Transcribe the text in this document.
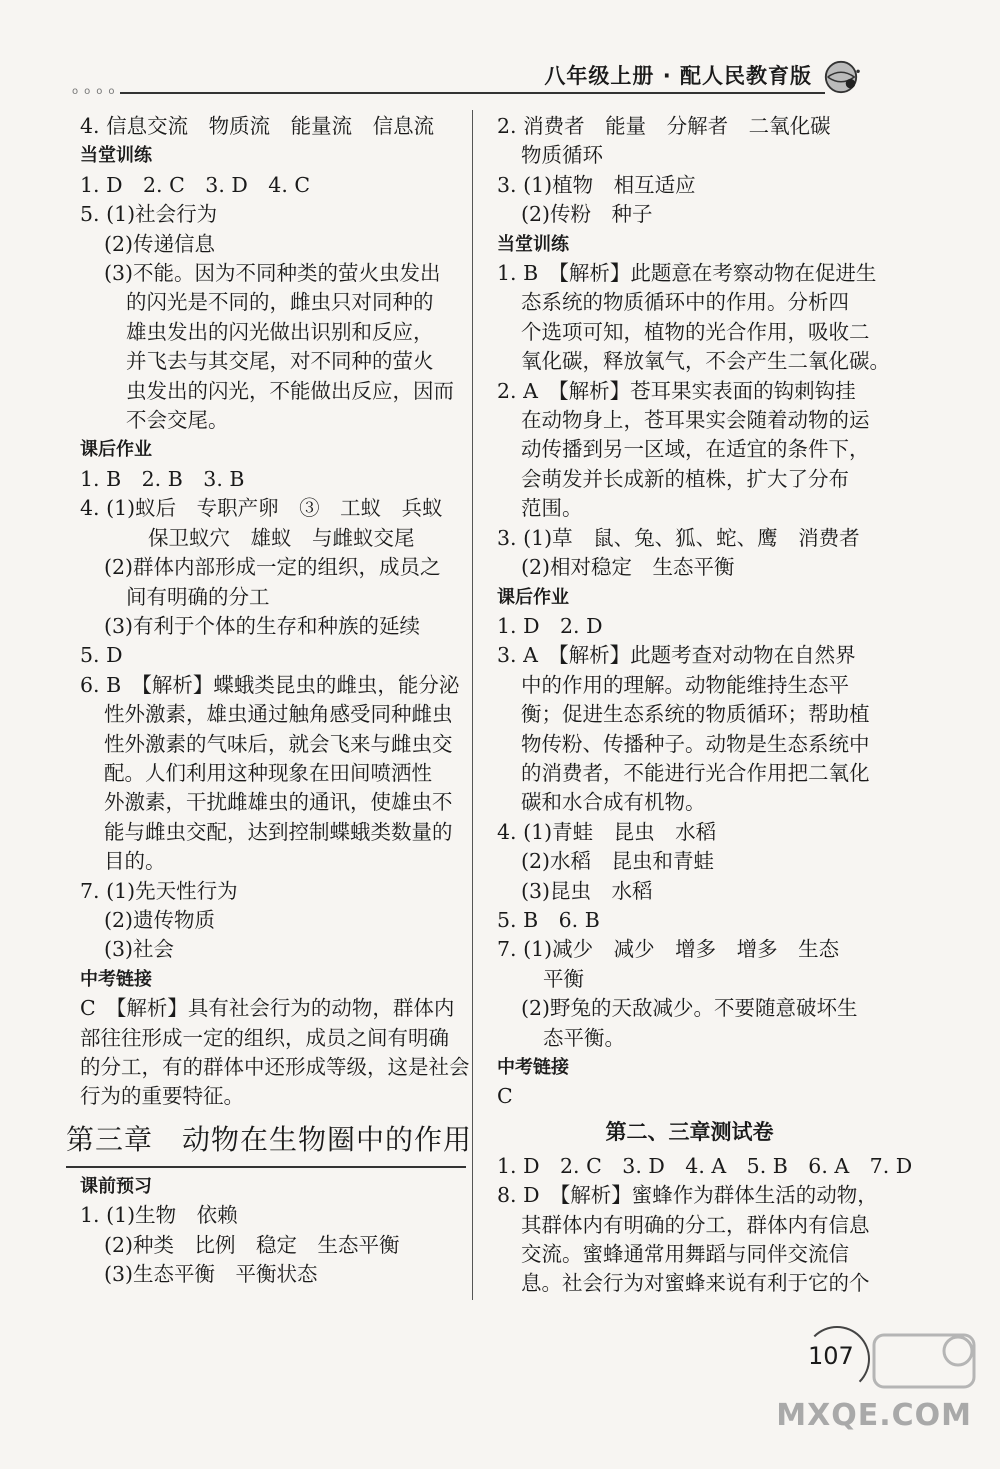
oooo
八年级上册 · 配人民教育版
4. 信息交流　物质流　能量流　信息流
当堂训练
1. D　2. C　3. D　4. C
5. (1)社会行为
(2)传递信息
(3)不能。因为不同种类的萤火虫发出
的闪光是不同的，雌虫只对同种的
雄虫发出的闪光做出识别和反应，
并飞去与其交尾，对不同种的萤火
虫发出的闪光，不能做出反应，因而
不会交尾。
课后作业
1. B　2. B　3. B
4. (1)蚁后　专职产卵　③　工蚁　兵蚁
保卫蚁穴　雄蚁　与雌蚁交尾
(2)群体内部形成一定的组织，成员之
间有明确的分工
(3)有利于个体的生存和种族的延续
5. D
6. B　【解析】蝶蛾类昆虫的雌虫，能分泌
性外激素，雄虫通过触角感受同种雌虫
性外激素的气味后，就会飞来与雌虫交
配。人们利用这种现象在田间喷洒性
外激素，干扰雌雄虫的通讯，使雄虫不
能与雌虫交配，达到控制蝶蛾类数量的
目的。
7. (1)先天性行为
(2)遗传物质
(3)社会
中考链接
C　【解析】具有社会行为的动物，群体内
部往往形成一定的组织，成员之间有明确
的分工，有的群体中还形成等级，这是社会
行为的重要特征。
第三章　动物在生物圈中的作用
课前预习
1. (1)生物　依赖
(2)种类　比例　稳定　生态平衡
(3)生态平衡　平衡状态
2. 消费者　能量　分解者　二氧化碳
物质循环
3. (1)植物　相互适应
(2)传粉　种子
当堂训练
1. B　【解析】此题意在考察动物在促进生
态系统的物质循环中的作用。分析四
个选项可知，植物的光合作用，吸收二
氧化碳，释放氧气，不会产生二氧化碳。
2. A　【解析】苍耳果实表面的钩刺钩挂
在动物身上，苍耳果实会随着动物的运
动传播到另一区域，在适宜的条件下，
会萌发并长成新的植株，扩大了分布
范围。
3. (1)草　鼠、兔、狐、蛇、鹰　消费者
(2)相对稳定　生态平衡
课后作业
1. D　2. D
3. A　【解析】此题考查对动物在自然界
中的作用的理解。动物能维持生态平
衡；促进生态系统的物质循环；帮助植
物传粉、传播种子。动物是生态系统中
的消费者，不能进行光合作用把二氧化
碳和水合成有机物。
4. (1)青蛙　昆虫　水稻
(2)水稻　昆虫和青蛙
(3)昆虫　水稻
5. B　6. B
7. (1)减少　减少　增多　增多　生态
平衡
(2)野兔的天敌减少。不要随意破坏生
态平衡。
中考链接
C
第二、三章测试卷
1. D　2. C　3. D　4. A　5. B　6. A　7. D
8. D　【解析】蜜蜂作为群体生活的动物，
其群体内有明确的分工，群体内有信息
交流。蜜蜂通常用舞蹈与同伴交流信
息。社会行为对蜜蜂来说有利于它的个
107
MXQE.COM
